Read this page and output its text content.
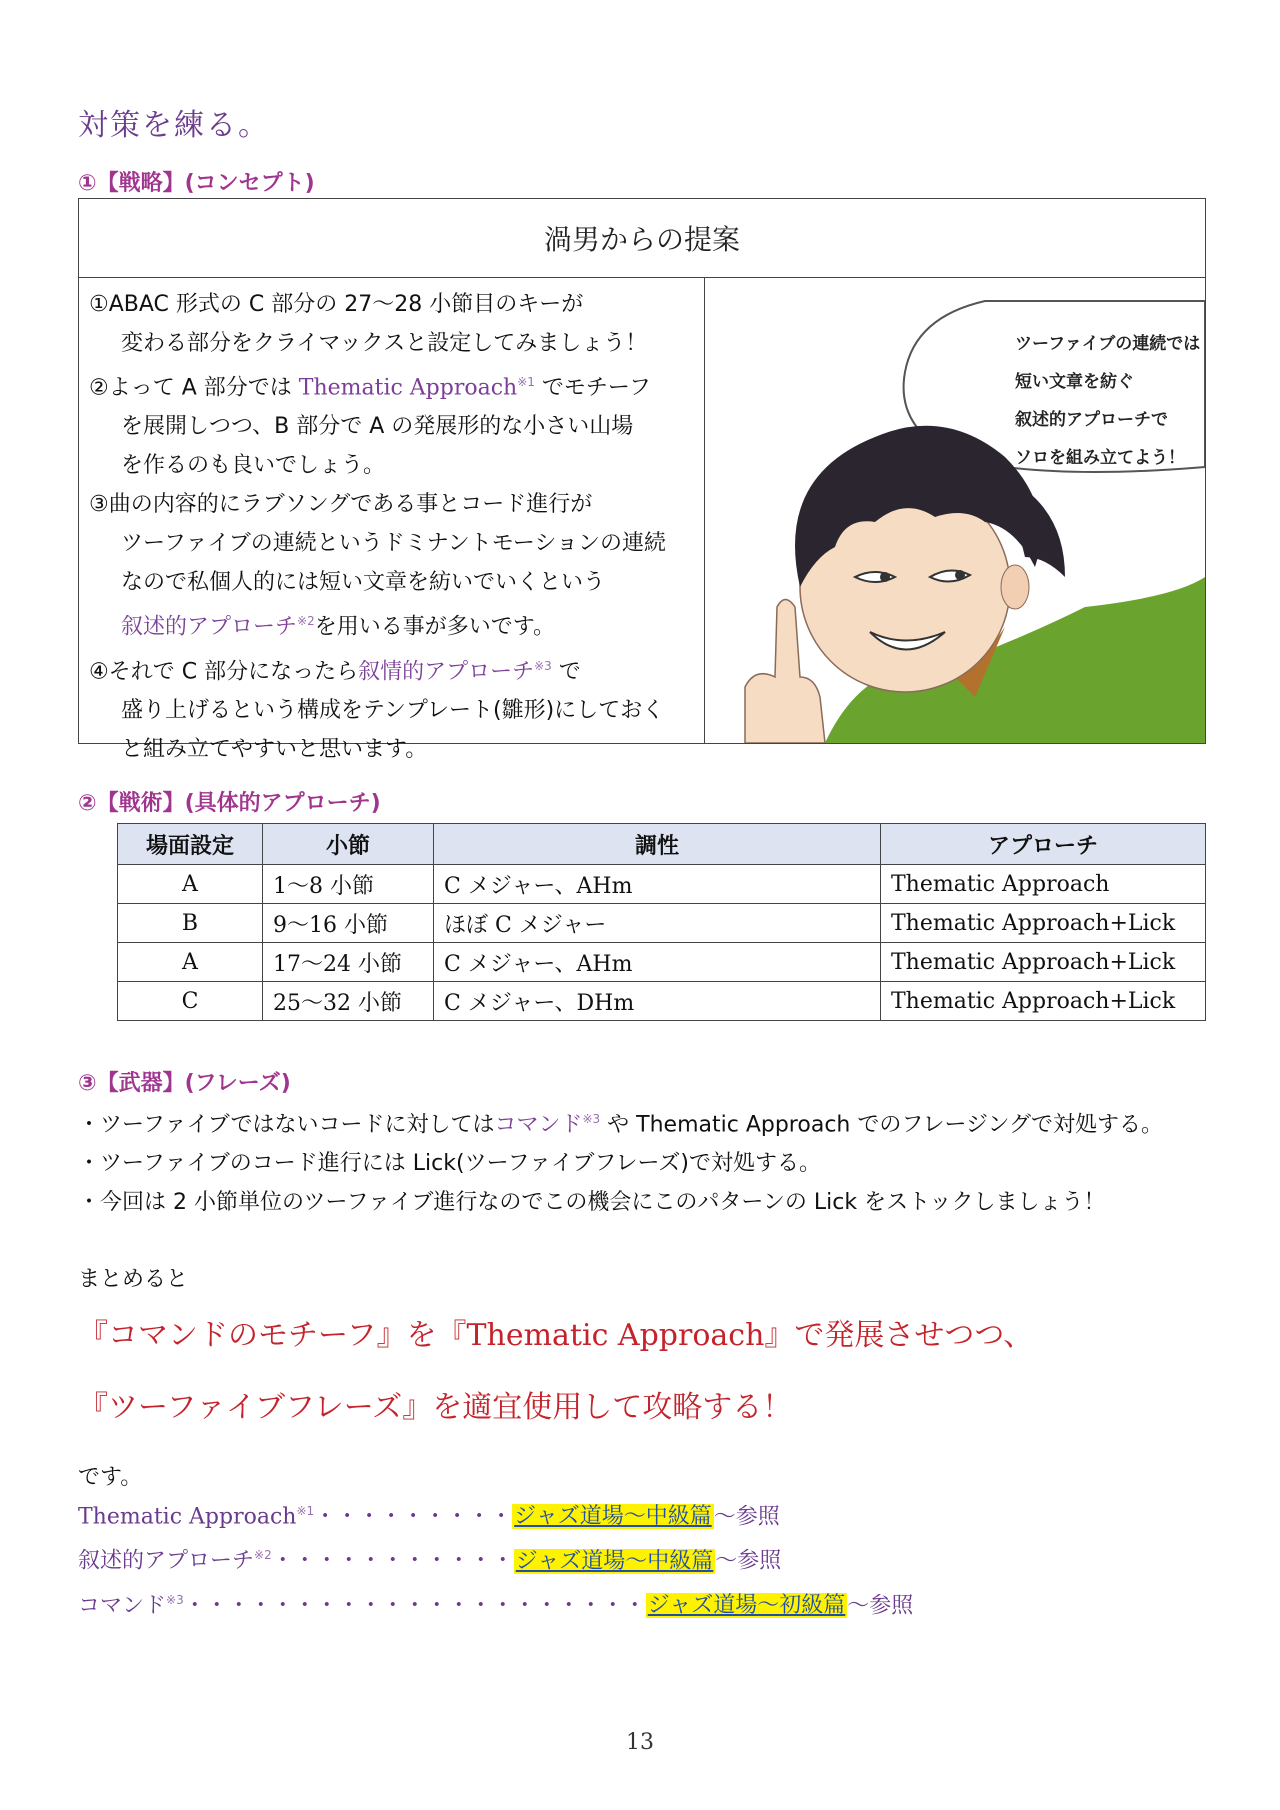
対策を練る。
①【戦略】(コンセプト)
渦男からの提案

①ABAC 形式の C 部分の 27〜28 小節目のキーが

変わる部分をクライマックスと設定してみましょう！

②よって A 部分では Thematic Approach$^{※1}$ でモチーフ

を展開しつつ、B 部分で A の発展形的な小さい山場

を作るのも良いでしょう。

③曲の内容的にラブソングである事とコード進行が

ツーファイブの連続というドミナントモーションの連続

なので私個人的には短い文章を紡いでいくという

叙述的アプローチ$^{※2}$を用いる事が多いです。

④それで C 部分になったら叙情的アプローチ$^{※3}$ で

盛り上げるという構成をテンプレート(雛形)にしておく

と組み立てやすいと思います。

ツーファイブの連続では
短い文章を紡ぐ
叙述的アプローチで
ソロを組み立てよう！
②【戦術】(具体的アプローチ)
場面設定	小節	調性	アプローチ
A	1〜8 小節	C メジャー、AHm	Thematic Approach
B	9〜16 小節	ほぼ C メジャー	Thematic Approach+Lick
A	17〜24 小節	C メジャー、AHm	Thematic Approach+Lick
C	25〜32 小節	C メジャー、DHm	Thematic Approach+Lick
③【武器】(フレーズ)

・ツーファイブではないコードに対してはコマンド$^{※3}$ や Thematic Approach でのフレージングで対処する。

・ツーファイブのコード進行には Lick(ツーファイブフレーズ)で対処する。

・今回は 2 小節単位のツーファイブ進行なのでこの機会にこのパターンの Lick をストックしましょう！

まとめると
『コマンドのモチーフ』を『Thematic Approach』で発展させつつ、
『ツーファイブフレーズ』を適宜使用して攻略する！
です。

Thematic Approach$^{※1}$・・・・・・・・・ジャズ道場〜中級篇〜参照

叙述的アプローチ$^{※2}$・・・・・・・・・・・ジャズ道場〜中級篇〜参照

コマンド$^{※3}$・・・・・・・・・・・・・・・・・・・・・ジャズ道場〜初級篇〜参照

13
